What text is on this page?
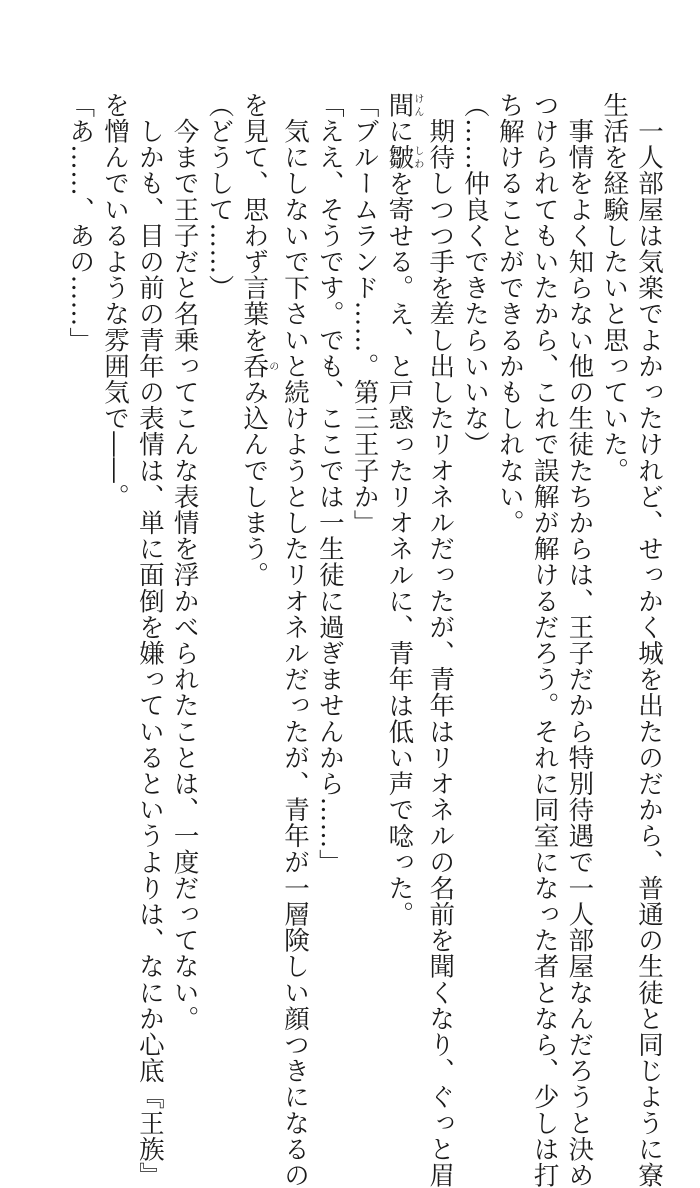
　一人部屋は気楽でよかったけれど、せっかく城を出たのだから、普通の生徒と同じように寮
生活を経験したいと思っていた。
　事情をよく知らない他の生徒たちからは、王子だから特別待遇で一人部屋なんだろうと決め
つけられてもいたから、これで誤解が解けるだろう。それに同室になった者となら、少しは打
ち解けることができるかもしれない。
（……仲良くできたらいいな）
　期待しつつ手を差し出したリオネルだったが、青年はリオネルの名前を聞くなり、ぐっと眉
間けんに皺しわを寄せる。え、と戸惑ったリオネルに、青年は低い声で唸った。
「ブルームランド……。第三王子か」
「ええ、そうです。でも、ここでは一生徒に過ぎませんから……」
　気にしないで下さいと続けようとしたリオネルだったが、青年が一層険しい顔つきになるの
を見て、思わず言葉を呑のみ込んでしまう。
（どうして……）
　今まで王子だと名乗ってこんな表情を浮かべられたことは、一度だってない。
　しかも、目の前の青年の表情は、単に面倒を嫌っているというよりは、なにか心底『王族』
を憎んでいるような雰囲気で――。
「あ……、あの……」
